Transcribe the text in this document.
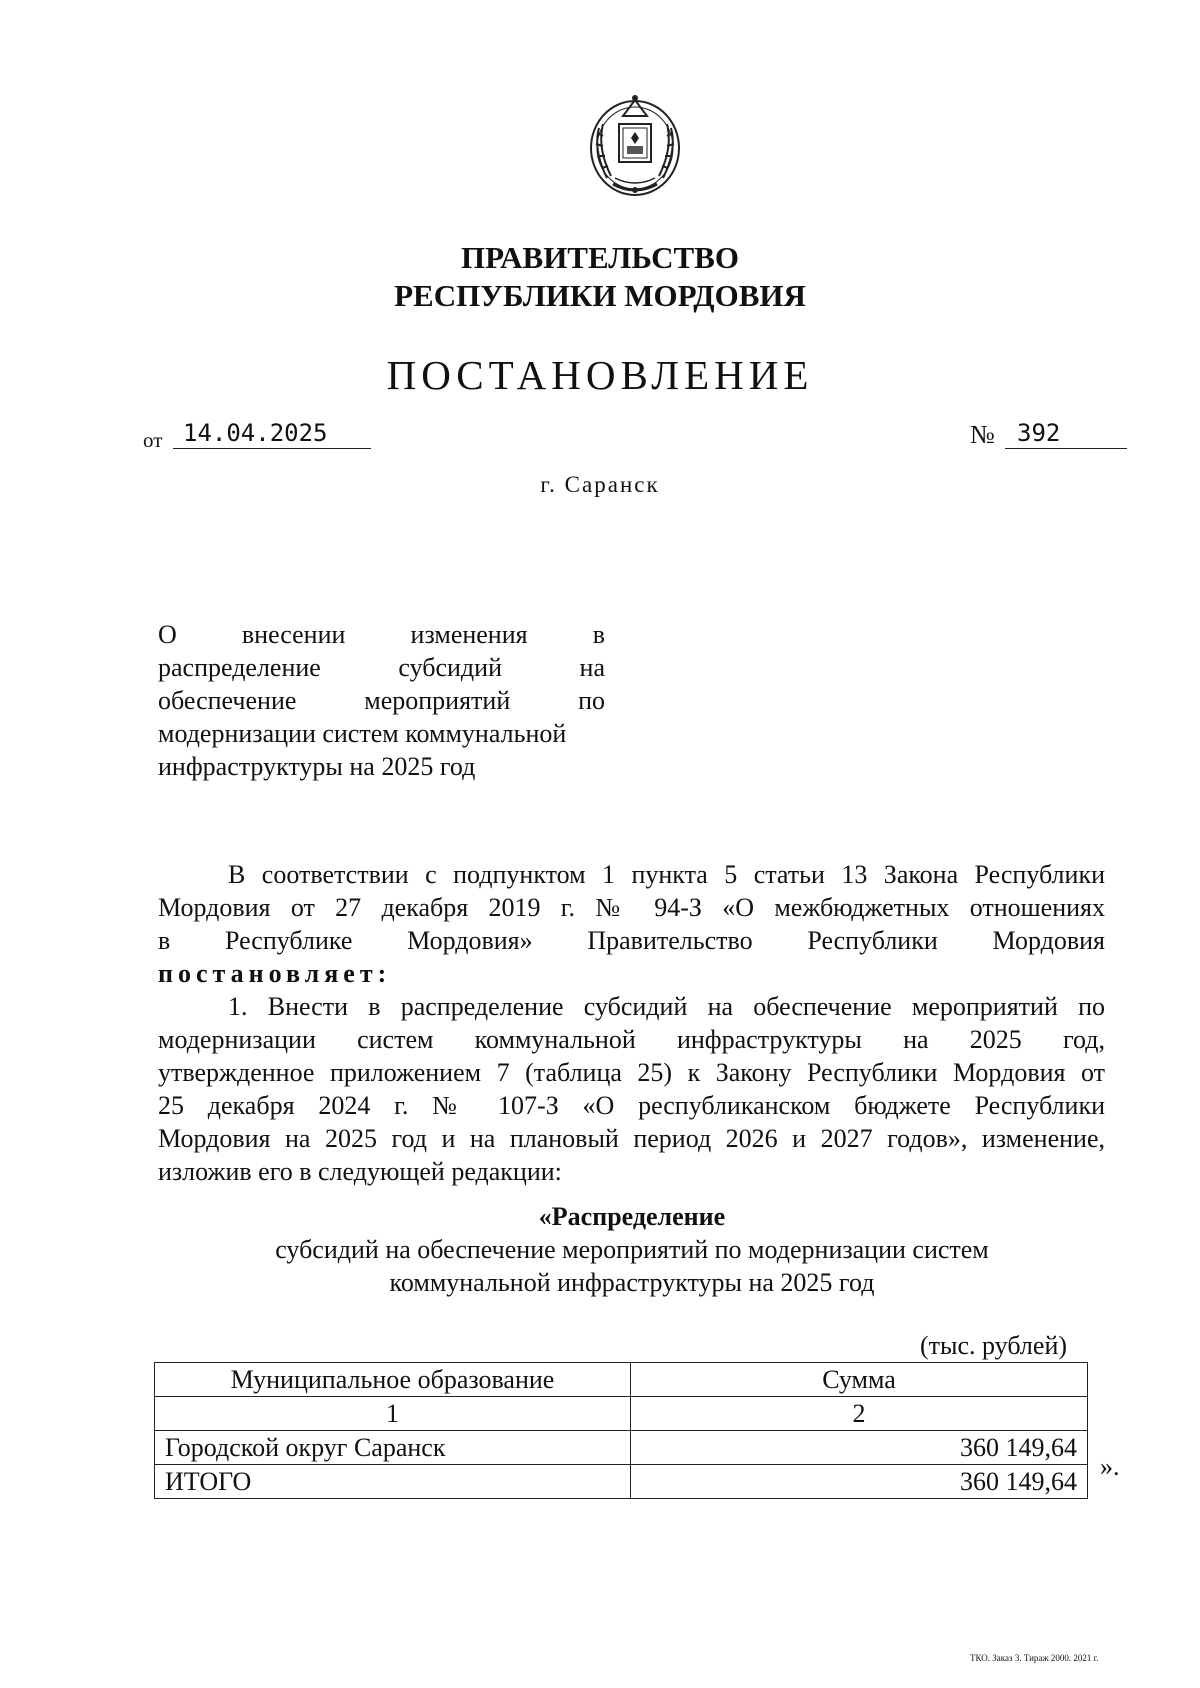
ПРАВИТЕЛЬСТВО
РЕСПУБЛИКИ МОРДОВИЯ
ПОСТАНОВЛЕНИЕ
от 14.04.2025	№ 392
г. Саранск

О внесении изменения в

распределение субсидий на

обеспечение мероприятий по

модернизации систем коммунальной

инфраструктуры на 2025 год

В соответствии с подпунктом 1 пункта 5 статьи 13 Закона Республики
Мордовия от 27 декабря 2019 г. № 94-З «О межбюджетных отношениях
в Республике Мордовия» Правительство Республики Мордовия
постановляет:
1. Внести в распределение субсидий на обеспечение мероприятий по
модернизации систем коммунальной инфраструктуры на 2025 год,
утвержденное приложением 7 (таблица 25) к Закону Республики Мордовия от
25 декабря 2024 г. № 107-З «О республиканском бюджете Республики
Мордовия на 2025 год и на плановый период 2026 и 2027 годов», изменение,
изложив его в следующей редакции:
«Распределение
субсидий на обеспечение мероприятий по модернизации систем
коммунальной инфраструктуры на 2025 год
(тыс. рублей)
Муниципальное образование	Сумма
1	2
Городской округ Саранск	360 149,64
ИТОГО	360 149,64 ».
ТКО. Заказ 3. Тираж 2000. 2021 г.
